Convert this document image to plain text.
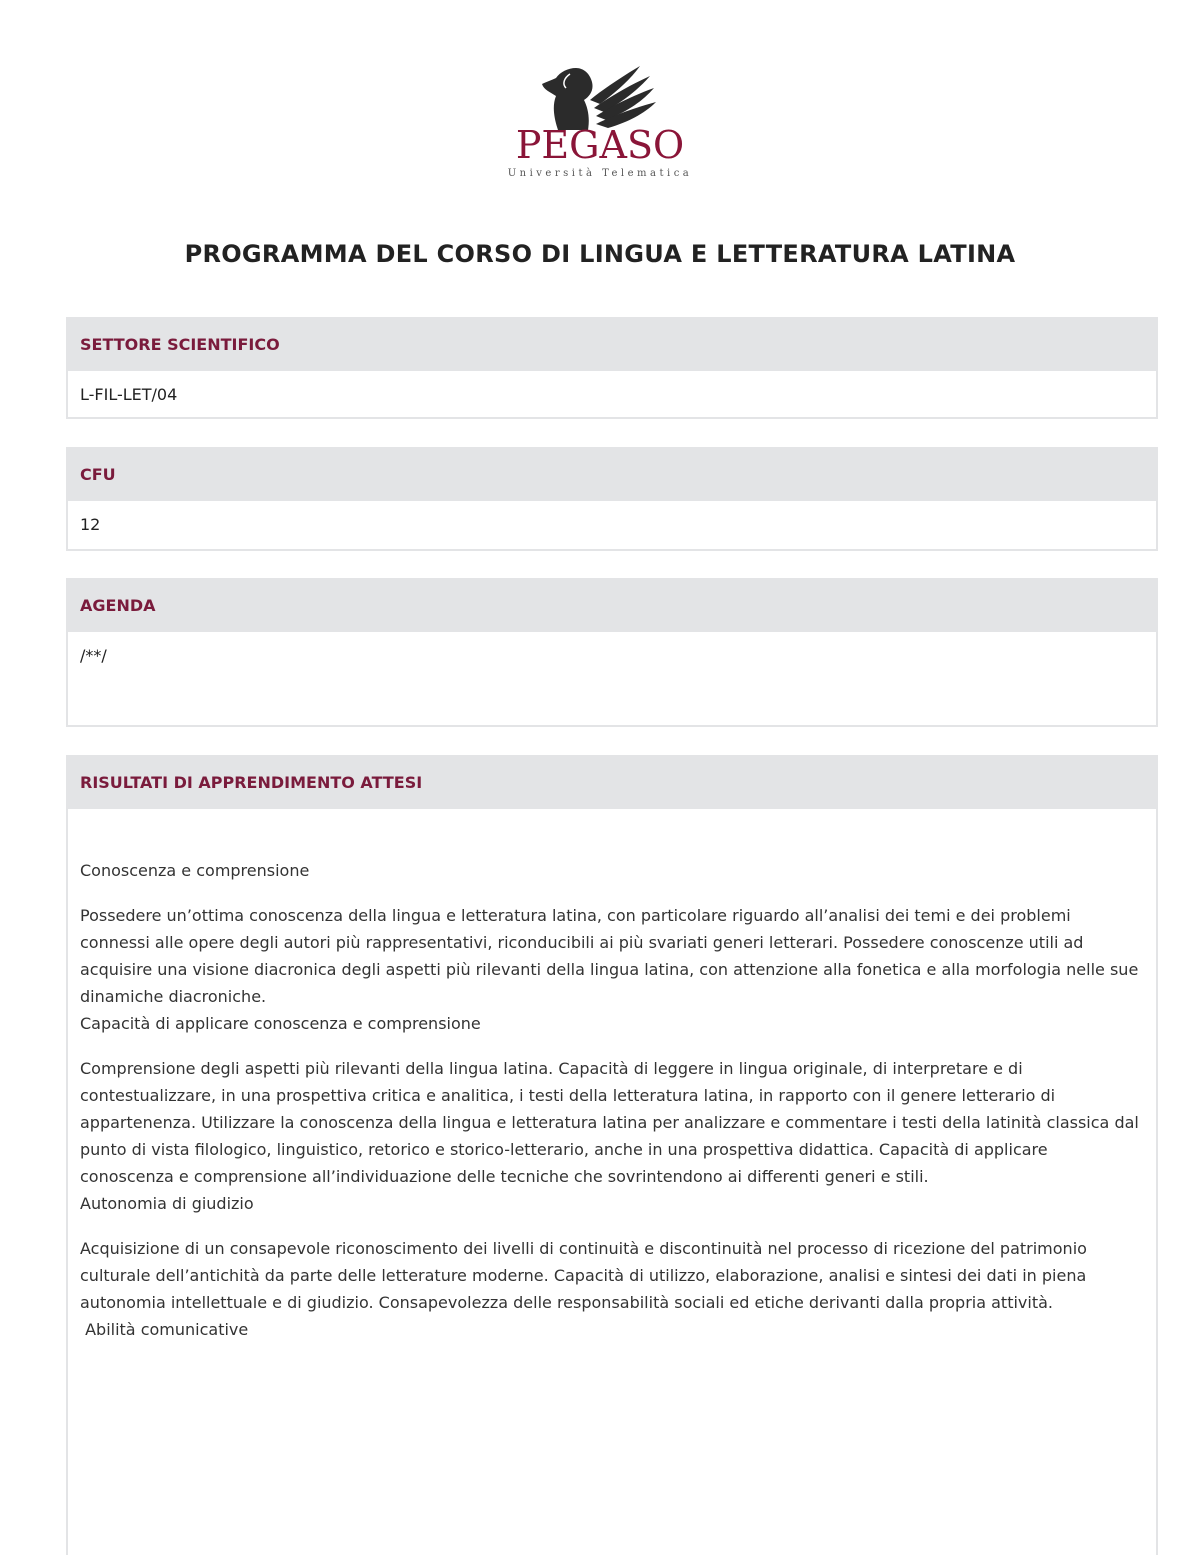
PEGASO
Università Telematica
PROGRAMMA DEL CORSO DI LINGUA E LETTERATURA LATINA
SETTORE SCIENTIFICO
L-FIL-LET/04
CFU
12
AGENDA
/**/
RISULTATI DI APPRENDIMENTO ATTESI

Conoscenza e comprensione

Possedere un’ottima conoscenza della lingua e letteratura latina, con particolare riguardo all’analisi dei temi e dei problemi connessi alle opere degli autori più rappresentativi, riconducibili ai più svariati generi letterari. Possedere conoscenze utili ad acquisire una visione diacronica degli aspetti più rilevanti della lingua latina, con attenzione alla fonetica e alla morfologia nelle sue dinamiche diacroniche.

Capacità di applicare conoscenza e comprensione

Comprensione degli aspetti più rilevanti della lingua latina. Capacità di leggere in lingua originale, di interpretare e di contestualizzare, in una prospettiva critica e analitica, i testi della letteratura latina, in rapporto con il genere letterario di appartenenza. Utilizzare la conoscenza della lingua e letteratura latina per analizzare e commentare i testi della latinità classica dal punto di vista filologico, linguistico, retorico e storico-letterario, anche in una prospettiva didattica. Capacità di applicare conoscenza e comprensione all’individuazione delle tecniche che sovrintendono ai differenti generi e stili.

Autonomia di giudizio

Acquisizione di un consapevole riconoscimento dei livelli di continuità e discontinuità nel processo di ricezione del patrimonio culturale dell’antichità da parte delle letterature moderne. Capacità di utilizzo, elaborazione, analisi e sintesi dei dati in piena autonomia intellettuale e di giudizio. Consapevolezza delle responsabilità sociali ed etiche derivanti dalla propria attività.

Abilità comunicative
